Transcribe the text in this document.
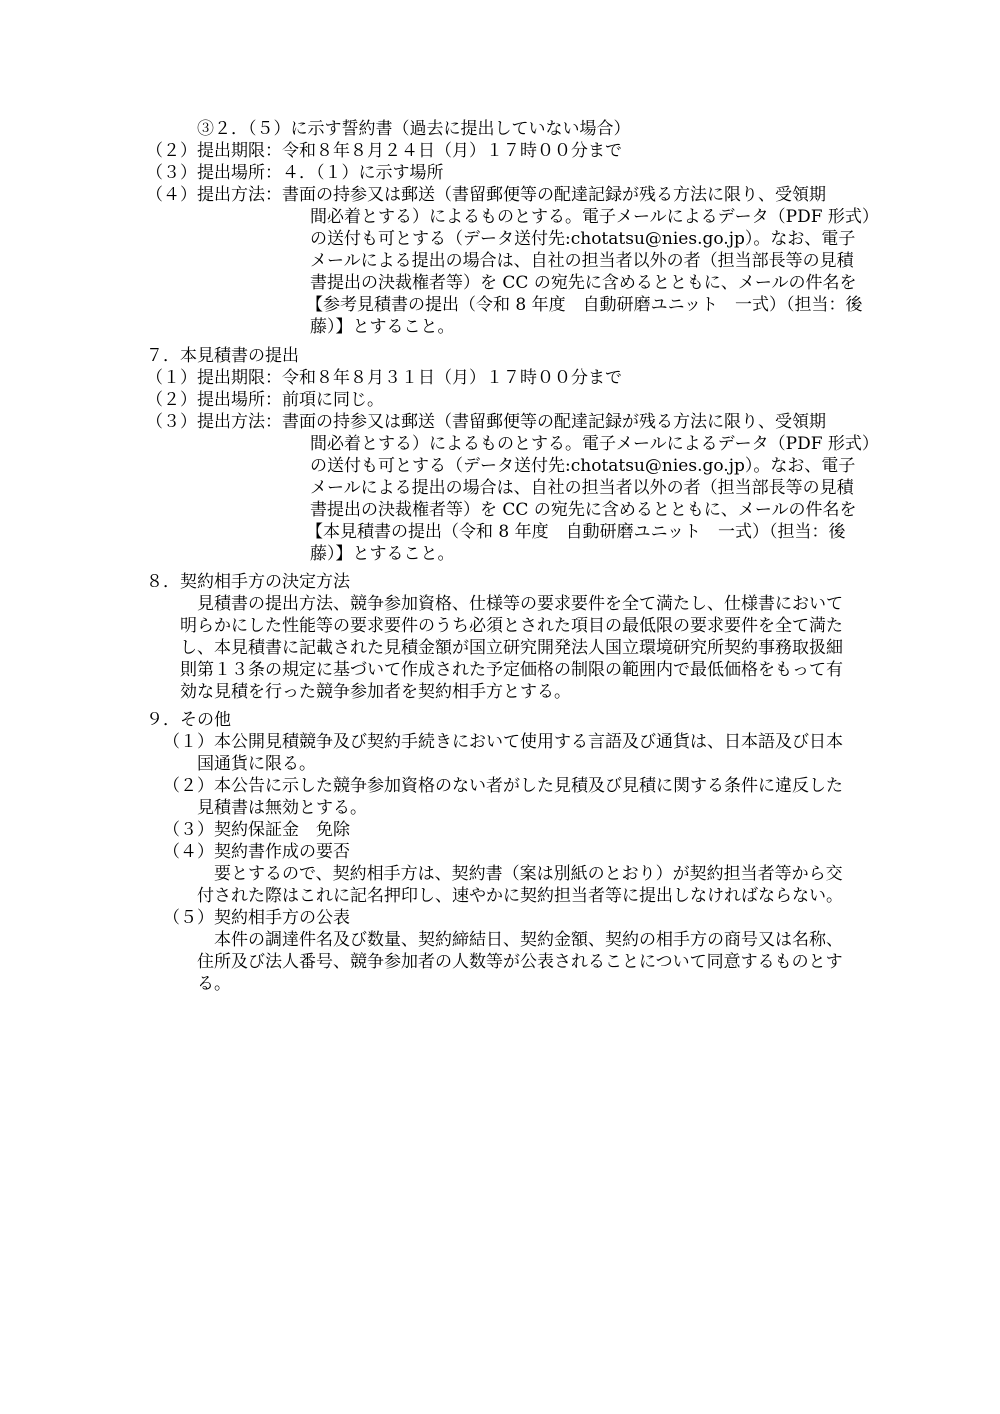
③２．（５）に示す誓約書（過去に提出していない場合）

（２）提出期限：令和８年８月２４日（月）１７時００分まで

（３）提出場所：４．（１）に示す場所

（４）提出方法：書面の持参又は郵送（書留郵便等の配達記録が残る方法に限り、受領期

間必着とする）によるものとする。電子メールによるデータ（PDF 形式）

の送付も可とする（データ送付先:chotatsu@nies.go.jp）。なお、電子

メールによる提出の場合は、自社の担当者以外の者（担当部長等の見積

書提出の決裁権者等）を CC の宛先に含めるとともに、メールの件名を

【参考見積書の提出（令和 8 年度　自動研磨ユニット　一式）（担当：後

藤）】とすること。

７．本見積書の提出

（１）提出期限：令和８年８月３１日（月）１７時００分まで

（２）提出場所：前項に同じ。

（３）提出方法：書面の持参又は郵送（書留郵便等の配達記録が残る方法に限り、受領期

間必着とする）によるものとする。電子メールによるデータ（PDF 形式）

の送付も可とする（データ送付先:chotatsu@nies.go.jp）。なお、電子

メールによる提出の場合は、自社の担当者以外の者（担当部長等の見積

書提出の決裁権者等）を CC の宛先に含めるとともに、メールの件名を

【本見積書の提出（令和 8 年度　自動研磨ユニット　一式）（担当：後

藤）】とすること。

８．契約相手方の決定方法

見積書の提出方法、競争参加資格、仕様等の要求要件を全て満たし、仕様書において

明らかにした性能等の要求要件のうち必須とされた項目の最低限の要求要件を全て満た

し、本見積書に記載された見積金額が国立研究開発法人国立環境研究所契約事務取扱細

則第１３条の規定に基づいて作成された予定価格の制限の範囲内で最低価格をもって有

効な見積を行った競争参加者を契約相手方とする。

９．その他

（１）本公開見積競争及び契約手続きにおいて使用する言語及び通貨は、日本語及び日本

国通貨に限る。

（２）本公告に示した競争参加資格のない者がした見積及び見積に関する条件に違反した

見積書は無効とする。

（３）契約保証金　免除

（４）契約書作成の要否

要とするので、契約相手方は、契約書（案は別紙のとおり）が契約担当者等から交

付された際はこれに記名押印し、速やかに契約担当者等に提出しなければならない。

（５）契約相手方の公表

本件の調達件名及び数量、契約締結日、契約金額、契約の相手方の商号又は名称、

住所及び法人番号、競争参加者の人数等が公表されることについて同意するものとす

る。
